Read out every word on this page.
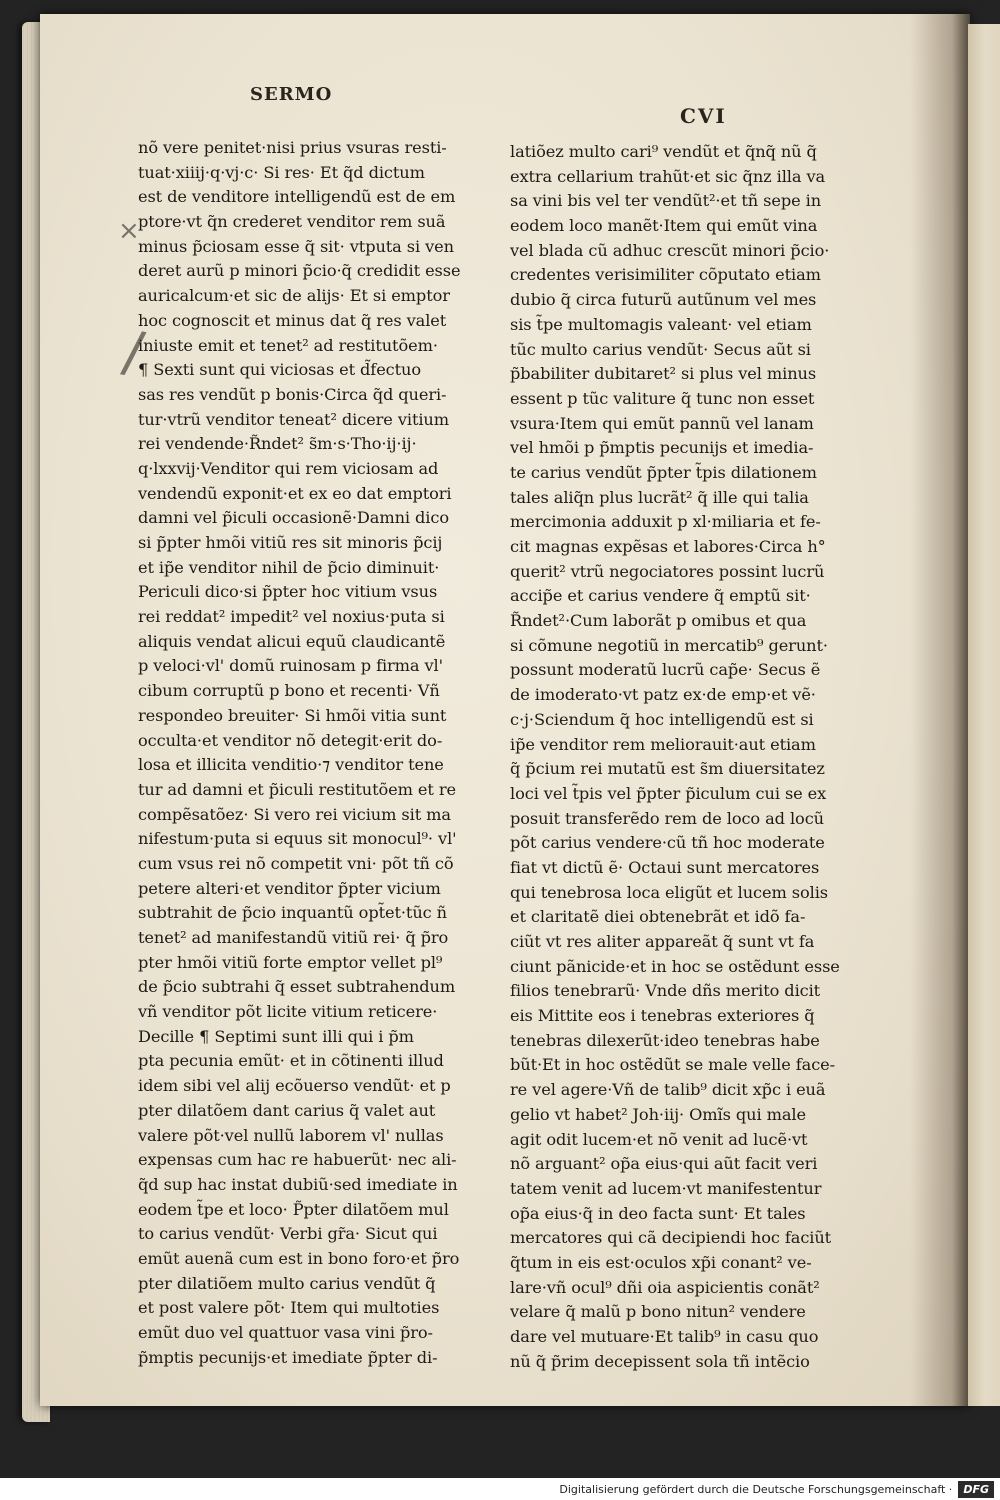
SERMO
CVI
×
/
nõ vere penitet·nisi prius vsuras resti-
tuat·xiiij·q·vj·c· Si res· Et q̃d dictum
est de venditore intelligendũ est de em
ptore·vt q̃n crederet venditor rem suã
minus p̃ciosam esse q̃ sit· vtputa si ven
deret aurũ p minori p̃cio·q̃ credidit esse
auricalcum·et sic de alijs· Et si emptor
hoc cognoscit et minus dat q̃ res valet
iniuste emit et tenet² ad restitutõem·
¶ Sexti sunt qui viciosas et d̃fectuo
sas res vendũt p bonis·Circa q̃d queri-
tur·vtrũ venditor teneat² dicere vitium
rei vendende·R̃ndet² s̃m·s·Tho·ij·ij·
q·lxxvij·Venditor qui rem viciosam ad
vendendũ exponit·et ex eo dat emptori
damni vel p̃iculi occasionẽ·Damni dico
si p̃pter hmõi vitiũ res sit minoris p̃cij
et ip̃e venditor nihil de p̃cio diminuit·
Periculi dico·si p̃pter hoc vitium vsus
rei reddat² impedit² vel noxius·puta si
aliquis vendat alicui equũ claudicantẽ
p veloci·vl' domũ ruinosam p firma vl'
cibum corruptũ p bono et recenti· Vñ
respondeo breuiter· Si hmõi vitia sunt
occulta·et venditor nõ detegit·erit do-
losa et illicita venditio·⁊ venditor tene
tur ad damni et p̃iculi restitutõem et re
compẽsatõez· Si vero rei vicium sit ma
nifestum·puta si equus sit monocul⁹· vl'
cum vsus rei nõ competit vni· põt tñ cõ
petere alteri·et venditor p̃pter vicium
subtrahit de p̃cio inquantũ opt̃et·tũc ñ
tenet² ad manifestandũ vitiũ rei· q̃ p̃ro
pter hmõi vitiũ forte emptor vellet pl⁹
de p̃cio subtrahi q̃ esset subtrahendum
vñ venditor põt licite vitium reticere·
Decille ¶ Septimi sunt illi qui i p̃m
pta pecunia emũt· et in cõtinenti illud
idem sibi vel alij ecõuerso vendũt· et p
pter dilatõem dant carius q̃ valet aut
valere põt·vel nullũ laborem vl' nullas
expensas cum hac re habuerũt· nec ali-
q̃d sup hac instat dubiũ·sed imediate in
eodem t̃pe et loco· P̃pter dilatõem mul
to carius vendũt· Verbi gr̃a· Sicut qui
emũt auenã cum est in bono foro·et p̃ro
pter dilatiõem multo carius vendũt q̃
et post valere põt· Item qui multoties
emũt duo vel quattuor vasa vini p̃ro-
p̃mptis pecunijs·et imediate p̃pter di-
latiõez multo cari⁹ vendũt et q̃nq̃ nũ q̃
extra cellarium trahũt·et sic q̃nz illa va
sa vini bis vel ter vendũt²·et tñ sepe in
eodem loco manẽt·Item qui emũt vina
vel blada cũ adhuc crescũt minori p̃cio·
credentes verisimiliter cõputato etiam
dubio q̃ circa futurũ autũnum vel mes
sis t̃pe multomagis valeant· vel etiam
tũc multo carius vendũt· Secus aũt si
p̃babiliter dubitaret² si plus vel minus
essent p tũc valiture q̃ tunc non esset
vsura·Item qui emũt pannũ vel lanam
vel hmõi p p̃mptis pecunijs et imedia-
te carius vendũt p̃pter t̃pis dilationem
tales aliq̃n plus lucrãt² q̃ ille qui talia
mercimonia adduxit p xl·miliaria et fe-
cit magnas expẽsas et labores·Circa h°
querit² vtrũ negociatores possint lucrũ
accip̃e et carius vendere q̃ emptũ sit·
R̃ndet²·Cum laborãt p omibus et qua
si cõmune negotiũ in mercatib⁹ gerunt·
possunt moderatũ lucrũ cap̃e· Secus ẽ
de imoderato·vt patz ex·de emp·et vẽ·
c·j·Sciendum q̃ hoc intelligendũ est si
ip̃e venditor rem meliorauit·aut etiam
q̃ p̃cium rei mutatũ est s̃m diuersitatez
loci vel t̃pis vel p̃pter p̃iculum cui se ex
posuit transferẽdo rem de loco ad locũ
põt carius vendere·cũ tñ hoc moderate
fiat vt dictũ ẽ· Octaui sunt mercatores
qui tenebrosa loca eligũt et lucem solis
et claritatẽ diei obtenebrãt et idõ fa-
ciũt vt res aliter appareãt q̃ sunt vt fa
ciunt pãnicide·et in hoc se ostẽdunt esse
filios tenebrarũ· Vnde dñs merito dicit
eis Mittite eos i tenebras exteriores q̃
tenebras dilexerũt·ideo tenebras habe
bũt·Et in hoc ostẽdũt se male velle face-
re vel agere·Vñ de talib⁹ dicit xp̃c i euã
gelio vt habet² Joh·iij· Omĩs qui male
agit odit lucem·et nõ venit ad lucẽ·vt
nõ arguant² op̃a eius·qui aũt facit veri
tatem venit ad lucem·vt manifestentur
op̃a eius·q̃ in deo facta sunt· Et tales
mercatores qui cã decipiendi hoc faciũt
q̃tum in eis est·oculos xp̃i conant² ve-
lare·vñ ocul⁹ dñi oia aspicientis conãt²
velare q̃ malũ p bono nitun² vendere
dare vel mutuare·Et talib⁹ in casu quo
nũ q̃ p̃rim decepissent sola tñ intẽcio
Digitalisierung gefördert durch die Deutsche Forschungsgemeinschaft ·	DFG
